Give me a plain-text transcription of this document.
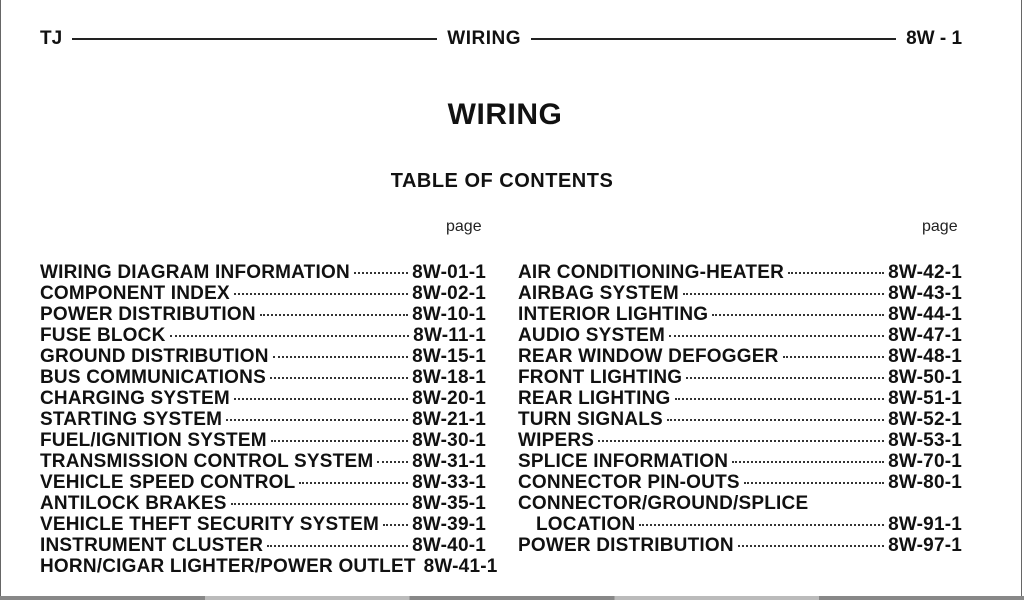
TJ	WIRING	8W - 1
WIRING
TABLE OF CONTENTS
page	page
WIRING DIAGRAM INFORMATION	8W-01-1
COMPONENT INDEX	8W-02-1
POWER DISTRIBUTION	8W-10-1
FUSE BLOCK	8W-11-1
GROUND DISTRIBUTION	8W-15-1
BUS COMMUNICATIONS	8W-18-1
CHARGING SYSTEM	8W-20-1
STARTING SYSTEM	8W-21-1
FUEL/IGNITION SYSTEM	8W-30-1
TRANSMISSION CONTROL SYSTEM 8W-31-1
VEHICLE SPEED CONTROL	8W-33-1
ANTILOCK BRAKES	8W-35-1
VEHICLE THEFT SECURITY SYSTEM 8W-39-1
INSTRUMENT CLUSTER	8W-40-1
HORN/CIGAR LIGHTER/POWER OUTLET 8W-41-1
AIR CONDITIONING-HEATER	8W-42-1
AIRBAG SYSTEM	8W-43-1
INTERIOR LIGHTING	8W-44-1
AUDIO SYSTEM	8W-47-1
REAR WINDOW DEFOGGER	8W-48-1
FRONT LIGHTING	8W-50-1
REAR LIGHTING	8W-51-1
TURN SIGNALS	8W-52-1
WIPERS	8W-53-1
SPLICE INFORMATION	8W-70-1
CONNECTOR PIN-OUTS	8W-80-1
CONNECTOR/GROUND/SPLICE
LOCATION	8W-91-1
POWER DISTRIBUTION	8W-97-1
